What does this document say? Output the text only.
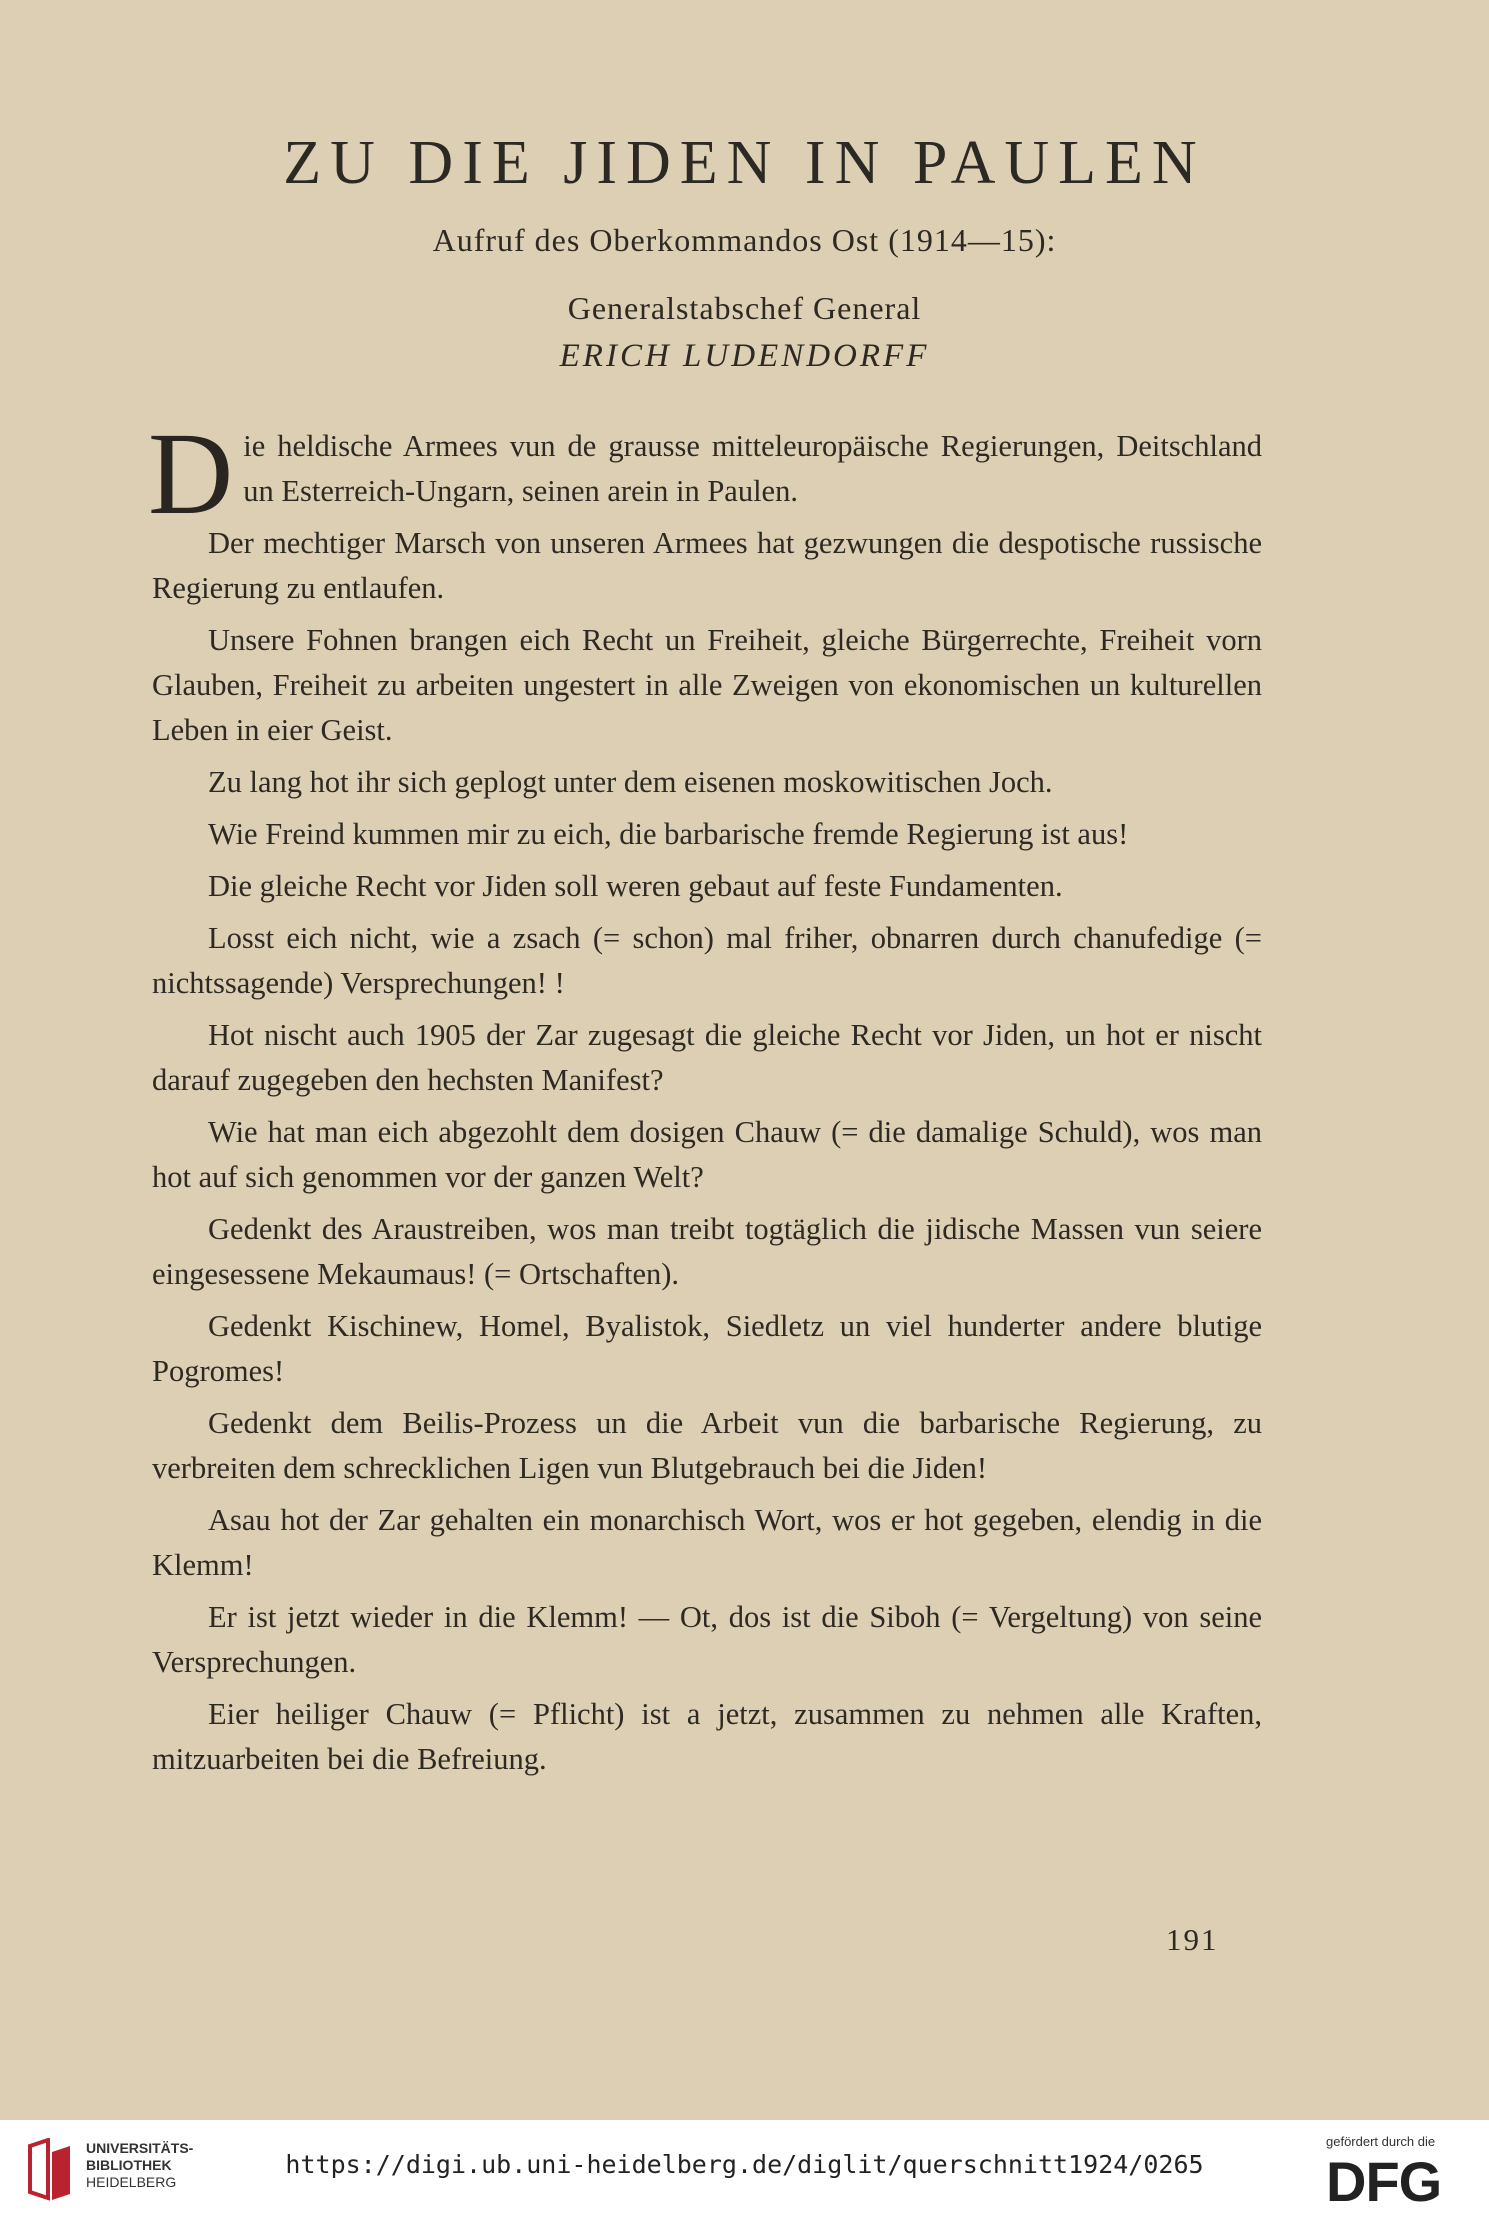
ZU DIE JIDEN IN PAULEN
Aufruf des Oberkommandos Ost (1914—15):
Generalstabschef General
ERICH LUDENDORFF

Die heldische Armees vun de grausse mitteleuropäische Regierungen, Deitschland un Esterreich-Ungarn, seinen arein in Paulen.

Der mechtiger Marsch von unseren Armees hat gezwungen die despotische russische Regierung zu entlaufen.

Unsere Fohnen brangen eich Recht un Freiheit, gleiche Bürgerrechte, Freiheit vorn Glauben, Freiheit zu arbeiten ungestert in alle Zweigen von ekonomischen un kulturellen Leben in eier Geist.

Zu lang hot ihr sich geplogt unter dem eisenen moskowitischen Joch.

Wie Freind kummen mir zu eich, die barbarische fremde Regierung ist aus!

Die gleiche Recht vor Jiden soll weren gebaut auf feste Fundamenten.

Losst eich nicht, wie a zsach (= schon) mal friher, obnarren durch chanufedige (= nichtssagende) Versprechungen! !

Hot nischt auch 1905 der Zar zugesagt die gleiche Recht vor Jiden, un hot er nischt darauf zugegeben den hechsten Manifest?

Wie hat man eich abgezohlt dem dosigen Chauw (= die damalige Schuld), wos man hot auf sich genommen vor der ganzen Welt?

Gedenkt des Araustreiben, wos man treibt togtäglich die jidische Massen vun seiere eingesessene Mekaumaus! (= Ortschaften).

Gedenkt Kischinew, Homel, Byalistok, Siedletz un viel hunderter andere blutige Pogromes!

Gedenkt dem Beilis-Prozess un die Arbeit vun die barbarische Regierung, zu verbreiten dem schrecklichen Ligen vun Blutgebrauch bei die Jiden!

Asau hot der Zar gehalten ein monarchisch Wort, wos er hot gegeben, elendig in die Klemm!

Er ist jetzt wieder in die Klemm! — Ot, dos ist die Siboh (= Vergeltung) von seine Versprechungen.

Eier heiliger Chauw (= Pflicht) ist a jetzt, zusammen zu nehmen alle Kraften, mitzuarbeiten bei die Befreiung.

191
UNIVERSITÄTS-
BIBLIOTHEK
HEIDELBERG
https://digi.ub.uni-heidelberg.de/diglit/querschnitt1924/0265
gefördert durch die
DFG
